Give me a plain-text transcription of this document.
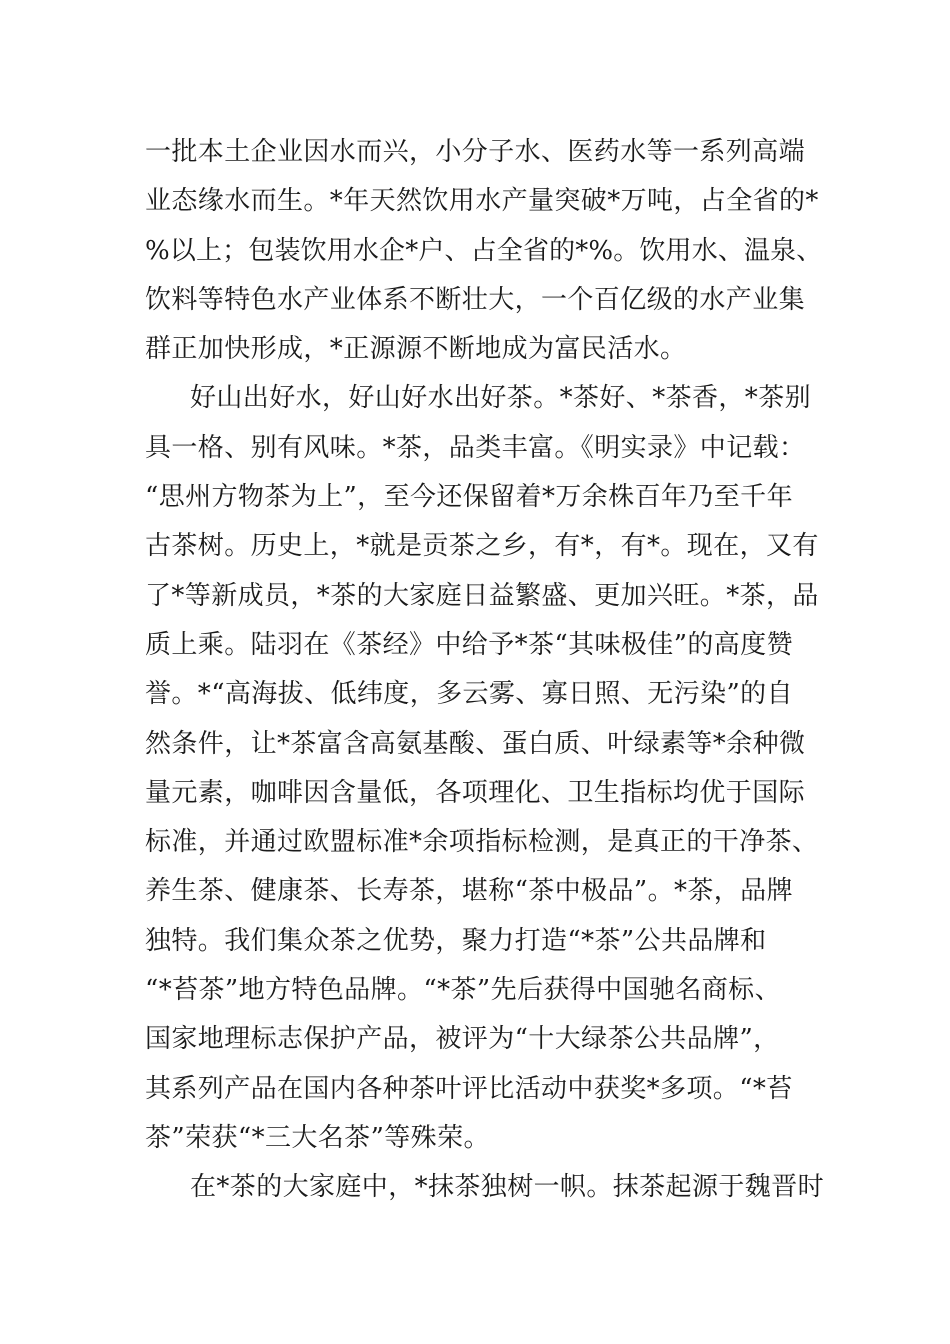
一批本土企业因水而兴，小分子水、医药水等一系列高端
业态缘水而生。*年天然饮用水产量突破*万吨，占全省的*
%以上；包装饮用水企*户、占全省的*%。饮用水、温泉、
饮料等特色水产业体系不断壮大，一个百亿级的水产业集
群正加快形成，*正源源不断地成为富民活水。
好山出好水，好山好水出好茶。*茶好、*茶香，*茶别
具一格、别有风味。*茶，品类丰富。《明实录》中记载：
“思州方物茶为上”，至今还保留着*万余株百年乃至千年
古茶树。历史上，*就是贡茶之乡，有*，有*。现在，又有
了*等新成员，*茶的大家庭日益繁盛、更加兴旺。*茶，品
质上乘。陆羽在《茶经》中给予*茶“其味极佳”的高度赞
誉。*“高海拔、低纬度，多云雾、寡日照、无污染”的自
然条件，让*茶富含高氨基酸、蛋白质、叶绿素等*余种微
量元素，咖啡因含量低，各项理化、卫生指标均优于国际
标准，并通过欧盟标准*余项指标检测，是真正的干净茶、
养生茶、健康茶、长寿茶，堪称“茶中极品”。*茶，品牌
独特。我们集众茶之优势，聚力打造“*茶”公共品牌和
“*苔茶”地方特色品牌。“*茶”先后获得中国驰名商标、
国家地理标志保护产品，被评为“十大绿茶公共品牌”，
其系列产品在国内各种茶叶评比活动中获奖*多项。“*苔
茶”荣获“*三大名茶”等殊荣。
在*茶的大家庭中，*抹茶独树一帜。抹茶起源于魏晋时
